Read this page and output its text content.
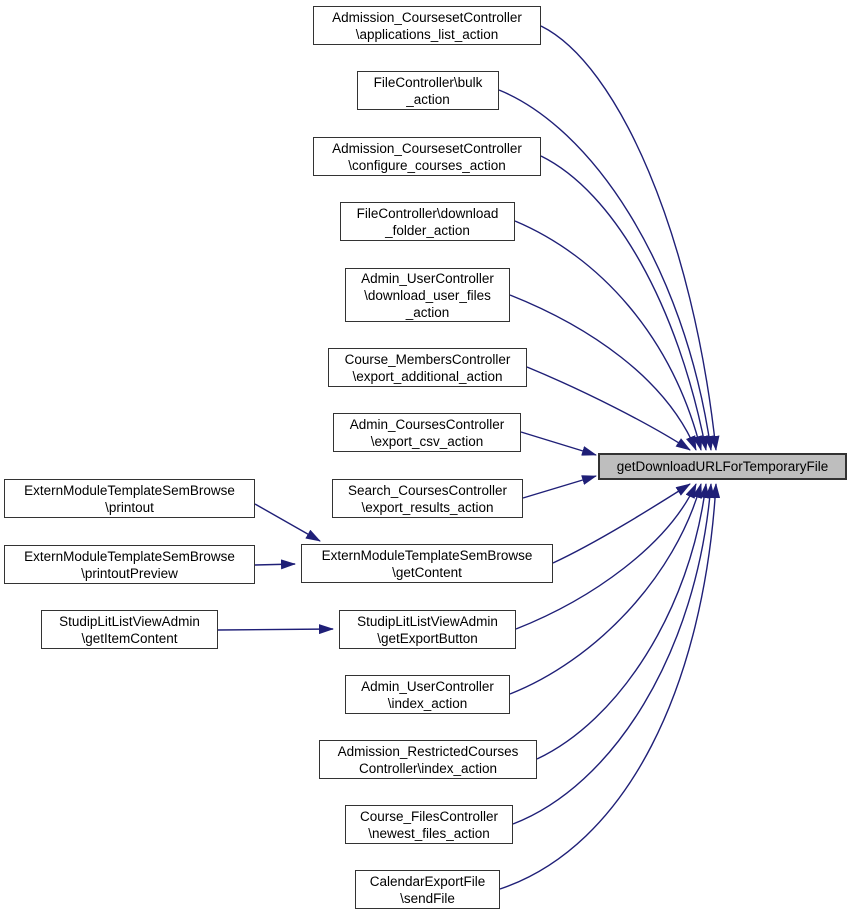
Admission_CoursesetController
\applications_list_action
FileController\bulk
_action
Admission_CoursesetController
\configure_courses_action
FileController\download
_folder_action
Admin_UserController
\download_user_files
_action
Course_MembersController
\export_additional_action
Admin_CoursesController
\export_csv_action
Search_CoursesController
\export_results_action
ExternModuleTemplateSemBrowse
\getContent
ExternModuleTemplateSemBrowse
\printout
ExternModuleTemplateSemBrowse
\printoutPreview
StudipLitListViewAdmin
\getItemContent
StudipLitListViewAdmin
\getExportButton
Admin_UserController
\index_action
Admission_RestrictedCourses
Controller\index_action
Course_FilesController
\newest_files_action
CalendarExportFile
\sendFile
getDownloadURLForTemporaryFile
